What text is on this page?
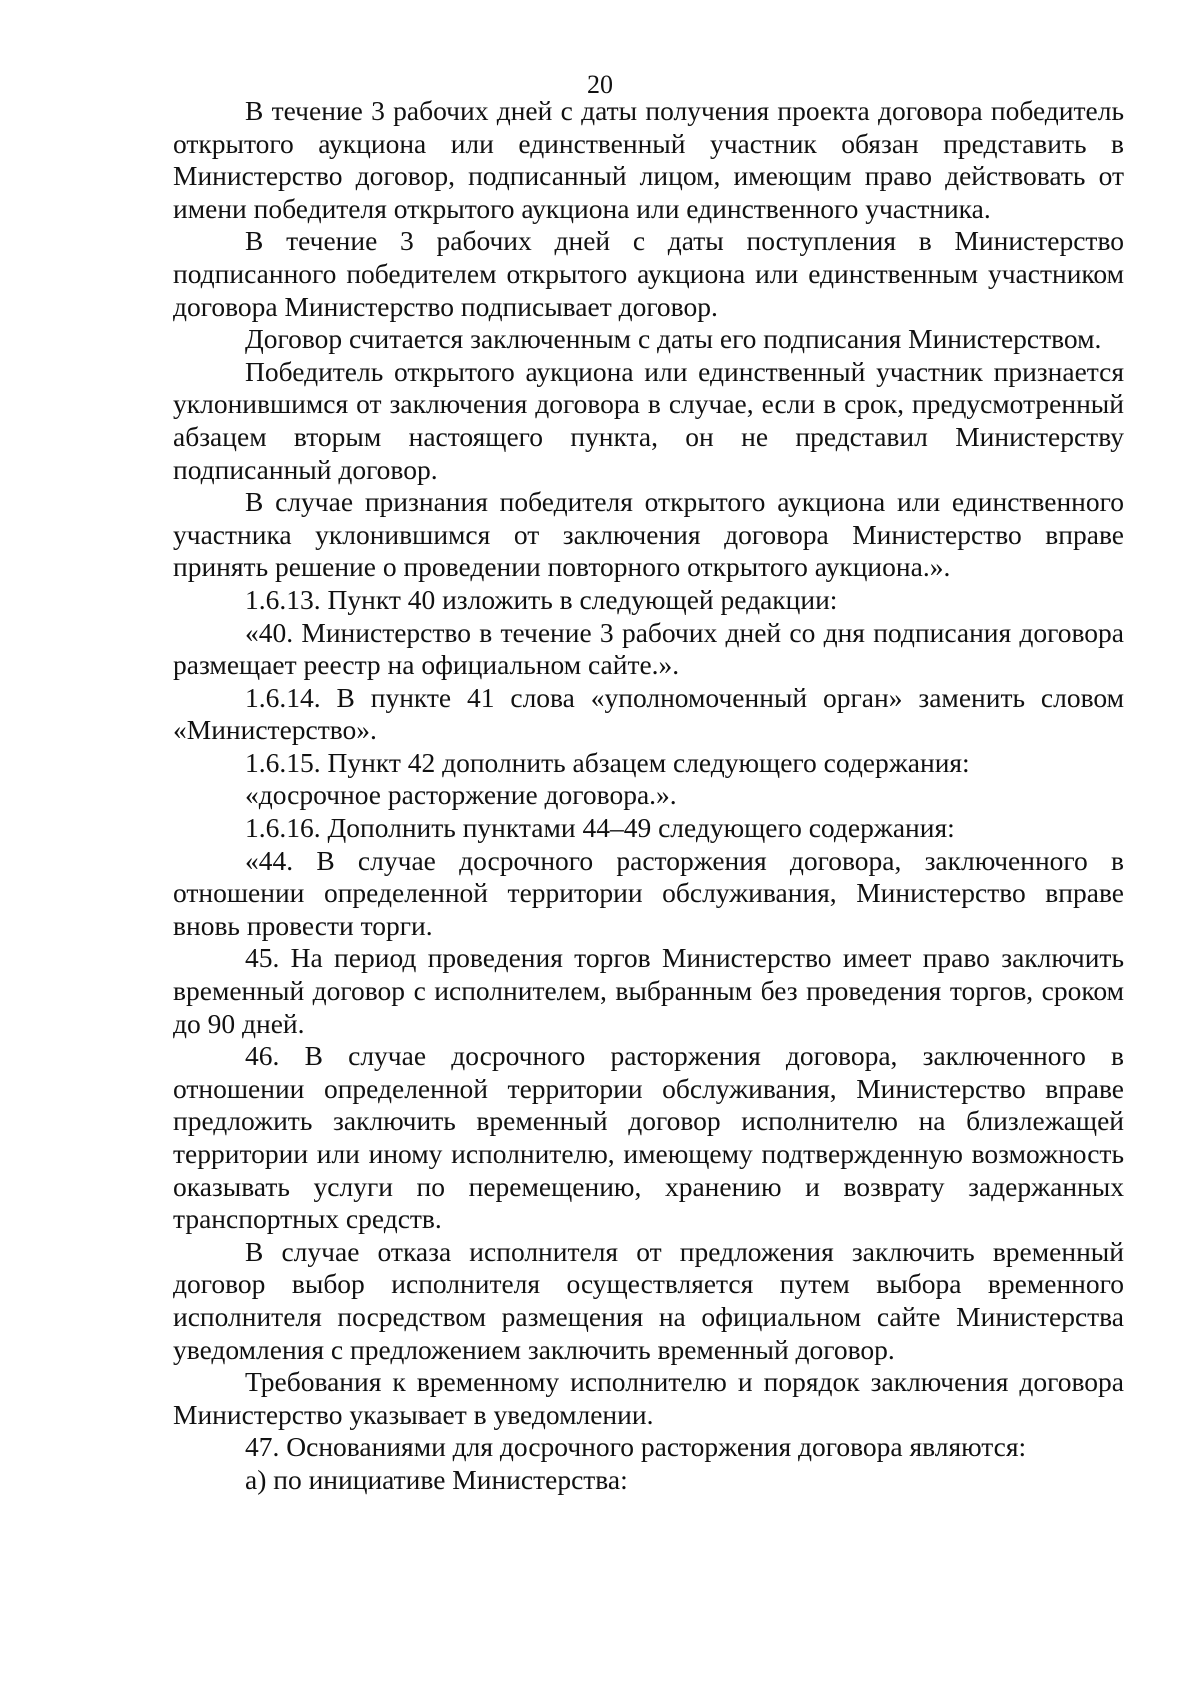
20

В течение 3 рабочих дней с даты получения проекта договора победитель открытого аукциона или единственный участник обязан представить в Министерство договор, подписанный лицом, имеющим право действовать от имени победителя открытого аукциона или единственного участника.

В течение 3 рабочих дней с даты поступления в Министерство подписанного победителем открытого аукциона или единственным участником договора Министерство подписывает договор.

Договор считается заключенным с даты его подписания Министерством.

Победитель открытого аукциона или единственный участник признается уклонившимся от заключения договора в случае, если в срок, предусмотренный абзацем вторым настоящего пункта, он не представил Министерству подписанный договор.

В случае признания победителя открытого аукциона или единственного участника уклонившимся от заключения договора Министерство вправе принять решение о проведении повторного открытого аукциона.».

1.6.13. Пункт 40 изложить в следующей редакции:

«40. Министерство в течение 3 рабочих дней со дня подписания договора размещает реестр на официальном сайте.».

1.6.14. В пункте 41 слова «уполномоченный орган» заменить словом «Министерство».

1.6.15. Пункт 42 дополнить абзацем следующего содержания:

«досрочное расторжение договора.».

1.6.16. Дополнить пунктами 44–49 следующего содержания:

«44. В случае досрочного расторжения договора, заключенного в отношении определенной территории обслуживания, Министерство вправе вновь провести торги.

45. На период проведения торгов Министерство имеет право заключить временный договор с исполнителем, выбранным без проведения торгов, сроком до 90 дней.

46. В случае досрочного расторжения договора, заключенного в отношении определенной территории обслуживания, Министерство вправе предложить заключить временный договор исполнителю на близлежащей территории или иному исполнителю, имеющему подтвержденную возможность оказывать услуги по перемещению, хранению и возврату задержанных транспортных средств.

В случае отказа исполнителя от предложения заключить временный договор выбор исполнителя осуществляется путем выбора временного исполнителя посредством размещения на официальном сайте Министерства уведомления с предложением заключить временный договор.

Требования к временному исполнителю и порядок заключения договора Министерство указывает в уведомлении.

47. Основаниями для досрочного расторжения договора являются:

а) по инициативе Министерства:
